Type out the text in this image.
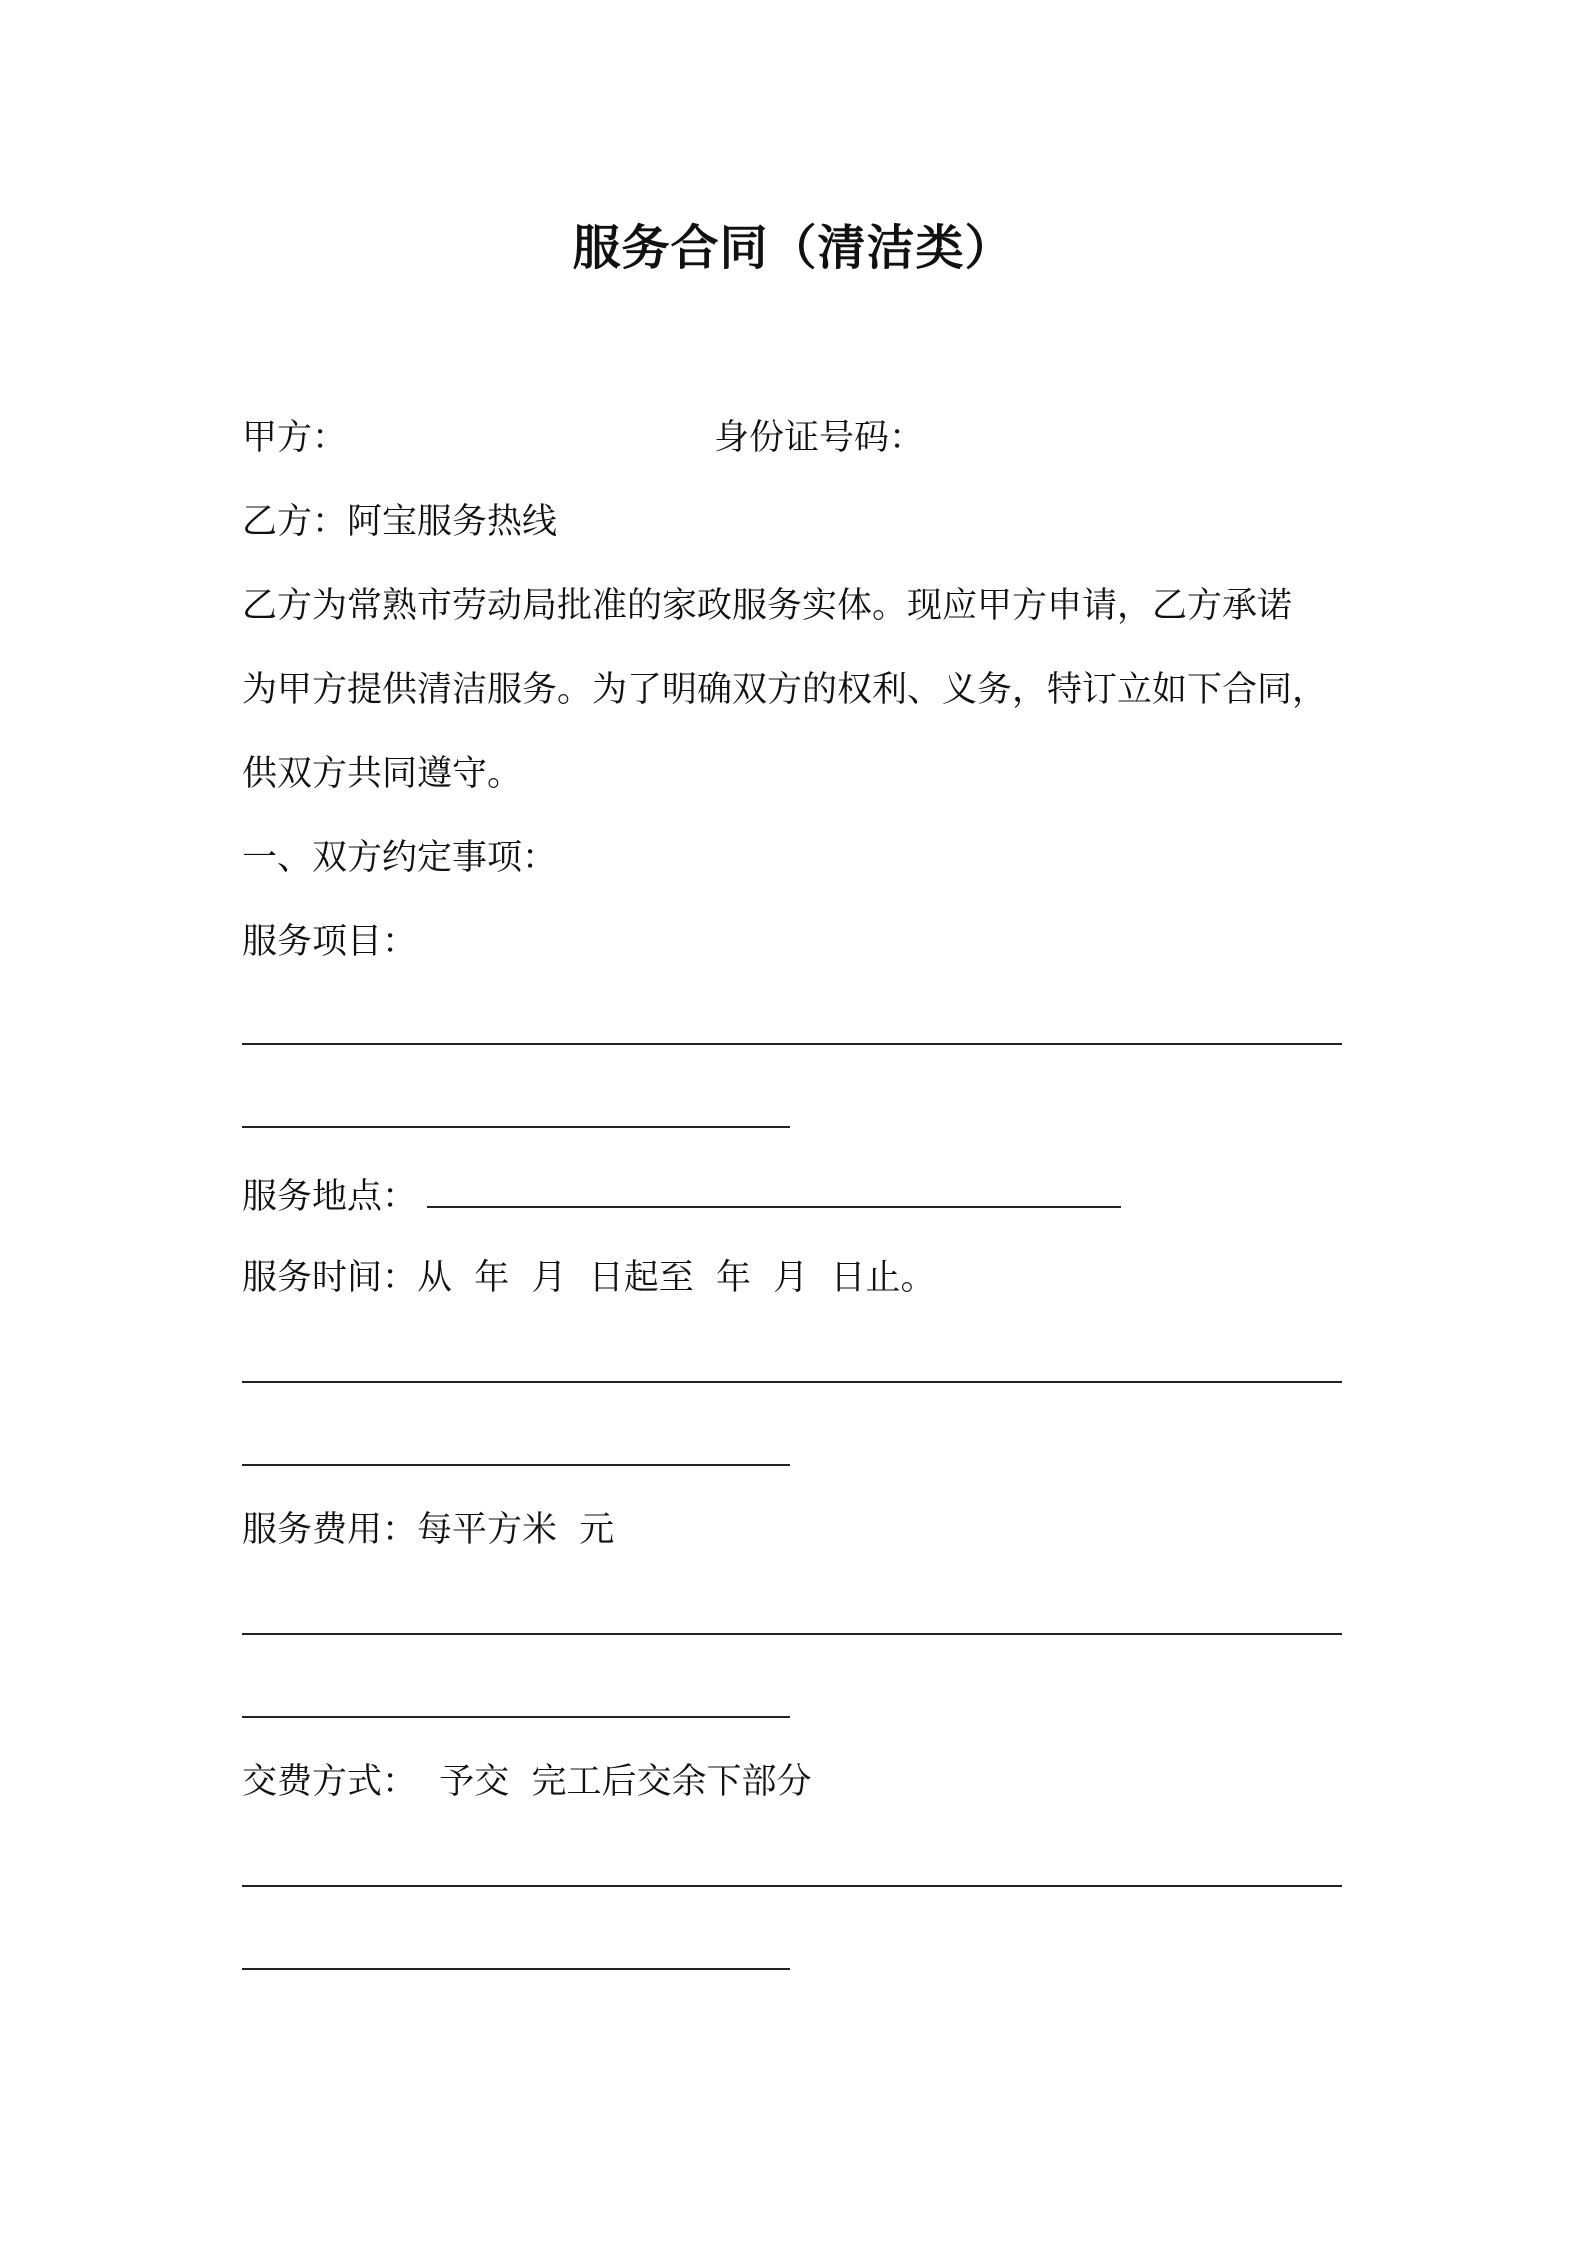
服务合同（清洁类）
甲方：	身份证号码：
乙方：阿宝服务热线
乙方为常熟市劳动局批准的家政服务实体。现应甲方申请，乙方承诺
为甲方提供清洁服务。为了明确双方的权利、义务，特订立如下合同，
供双方共同遵守。
一、双方约定事项：
服务项目：
服务地点：
服务时间：从  年  月  日起至  年  月  日止。
服务费用：每平方米  元
交费方式：  予交  完工后交余下部分
